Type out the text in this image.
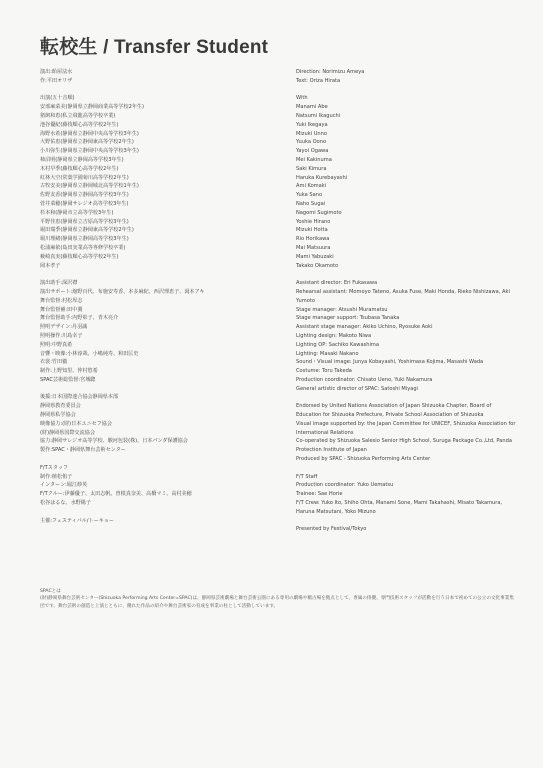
転校生 / Transfer Student
演出:飴屋法水
作:平田オリザ
出演(五十音順)
安部麻菜美(静岡県立静岡商業高等学校2年生)
猪飼和恵(私立飛龍高等学校卒業)
池谷優紀(藤枝順心高等学校2年生)
海野水希(静岡県立静岡中央高等学校3年生)
大野佑恵(静岡県立静岡東高等学校2年生)
小川弥生(静岡県立静岡中央高等学校3年生)
柿沼明(静岡県立静岡高等学校3年生)
木村早季(藤枝順心高等学校2年生)
紅林大空(常葉学園菊川高等学校2年生)
古牧安美(静岡県立静岡城北高等学校1年生)
佐野友香(静岡県立静岡高等学校3年生)
菅井菜穂(静岡サレジオ高等学校3年生)
杉本和(静岡市立高等学校3年生)
平野佳恵(静岡県立吉原高等学校3年生)
堀田瑞季(静岡県立静岡東高等学校2年生)
堀川理緒(静岡県立静岡高等学校3年生)
松浦麻依(島田実業高等専修学校卒業)
薮崎真実(藤枝順心高等学校2年生)
岡本孝子
演出助手:深沢襟
演出サポート:舘野百代、布施安寿香、本多麻紀、西沢理恵子、湯本アキ
舞台監督:村松厚志
舞台監督補:田中翼
舞台監督助手:内野彰子、青木亮介
照明デザイン:丹羽誠
照明操作:川島幸子
照明:中野真希
音響・映像:小林淳哉、小嶋純寿、和田匡史
衣裳:竹田徹
制作:上野知里、仲村悠希
SPAC芸術総監督:宮城聰
後援:日本国際連合協会静岡県本部
静岡県教育委員会
静岡県私学協会
映像協力:(財)日本ユニセフ協会
(財)静岡県国際交流協会
協力:静岡サレジオ高等学校、駿河包装(株)、日本パンダ保護協会
製作:SPAC・静岡県舞台芸術センター
F/Tスタッフ
制作:植松侑子
インターン:堀江紗英
F/Tクルー:伊藤優子、太田志帆、曽根真奈美、高橋マミ、高村美穂
松谷はるな、水野陽子
主催:フェスティバル/トーキョー
Direction: Norimizu Ameya
Text: Oriza Hirata
With
Manami Abe
Natsumi Ikaguchi
Yuki Ikegaya
Mizuki Unno
Yuuka Oono
Yayoi Ogawa
Mei Kakinuma
Saki Kimura
Haruka Kurebayashi
Ami Komaki
Yuka Sano
Naho Sugai
Nagomi Sugimoto
Yoshie Hirano
Mizuki Hotta
Rio Horikawa
Mai Matsuura
Mami Yabuzaki
Takako Okamoto
Assistant director: Eri Fukasawa
Rehearsal assistant: Momoyo Tateno, Asuka Fuse, Maki Honda, Rieko Nishizawa, Aki Yumoto
Stage manager: Atsushi Muramatsu
Stage manager support: Tsubasa Tanaka
Assistant stage manager: Akiko Uchino, Ryosuke Aoki
Lighting design: Makoto Niwa
Lighting OP: Sachiko Kawashima
Lighting: Masaki Nakano
Sound・Visual image: Junya Kobayashi, Yoshimasa Kojima, Masashi Wada
Costume: Toru Takeda
Production coordinator: Chisato Ueno, Yuki Nakamura
General artistic director of SPAC: Satoshi Miyagi
Endorsed by United Nations Association of Japan Shizuoka Chapter, Board of Education for Shizuoka Prefecture, Private School Association of Shizuoka
Visual image supported by: the Japan Committee for UNICEF, Shizuoka Association for International Relations
Co-operated by Shizuoka Salesio Senior High School, Suruga Package Co.,Ltd, Panda Protection Institute of Japan
Produced by SPAC - Shizuoka Performing Arts Center
F/T Staff
Production coordinator: Yuko Uematsu
Trainee: Sae Horie
F/T Crew: Yuko Ito, Shiho Ohta, Manami Sone, Mami Takahashi, Misato Takamura, Haruna Matsutani, Yoko Mizuno
Presented by Festival/Tokyo
SPACとは
(財)静岡県舞台芸術センター(Shizuoka Performing Arts Center=SPAC)は、静岡県芸術劇場と舞台芸術公園にある専用の劇場や稽古場を拠点として、専属の俳優、専門技術スタッフが活動を行う日本で初めての公立の文化事業集団です。舞台芸術の創造と上演とともに、優れた作品の紹介や舞台芸術家の育成を事業の柱として活動しています。
